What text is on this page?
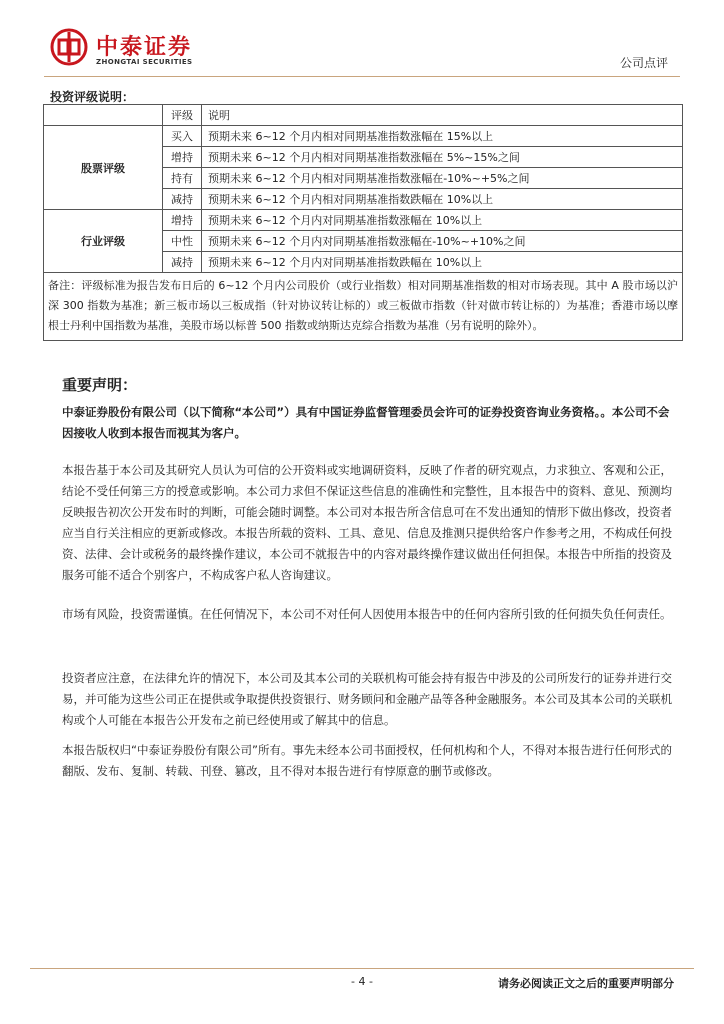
中泰证券
ZHONGTAI SECURITIES	公司点评
投资评级说明：
	评级	说明
股票评级	买入	预期未来 6~12 个月内相对同期基准指数涨幅在 15%以上
	增持	预期未来 6~12 个月内相对同期基准指数涨幅在 5%~15%之间
	持有	预期未来 6~12 个月内相对同期基准指数涨幅在-10%~+5%之间
	减持	预期未来 6~12 个月内相对同期基准指数跌幅在 10%以上
行业评级	增持	预期未来 6~12 个月内对同期基准指数涨幅在 10%以上
	中性	预期未来 6~12 个月内对同期基准指数涨幅在-10%~+10%之间
	减持	预期未来 6~12 个月内对同期基准指数跌幅在 10%以上
备注：评级标准为报告发布日后的 6~12 个月内公司股价（或行业指数）相对同期基准指数的相对市场表现。其中 A 股市场以沪深 300 指数为基准；新三板市场以三板成指（针对协议转让标的）或三板做市指数（针对做市转让标的）为基准；香港市场以摩根士丹利中国指数为基准，美股市场以标普 500 指数或纳斯达克综合指数为基准（另有说明的除外）。		
重要声明：
中泰证券股份有限公司（以下简称“本公司”）具有中国证券监督管理委员会许可的证券投资咨询业务资格。。本公司不会因接收人收到本报告而视其为客户。
本报告基于本公司及其研究人员认为可信的公开资料或实地调研资料，反映了作者的研究观点，力求独立、客观和公正，结论不受任何第三方的授意或影响。本公司力求但不保证这些信息的准确性和完整性，且本报告中的资料、意见、预测均反映报告初次公开发布时的判断，可能会随时调整。本公司对本报告所含信息可在不发出通知的情形下做出修改，投资者应当自行关注相应的更新或修改。本报告所载的资料、工具、意见、信息及推测只提供给客户作参考之用，不构成任何投资、法律、会计或税务的最终操作建议，本公司不就报告中的内容对最终操作建议做出任何担保。本报告中所指的投资及服务可能不适合个别客户，不构成客户私人咨询建议。
市场有风险，投资需谨慎。在任何情况下，本公司不对任何人因使用本报告中的任何内容所引致的任何损失负任何责任。
投资者应注意，在法律允许的情况下，本公司及其本公司的关联机构可能会持有报告中涉及的公司所发行的证券并进行交易，并可能为这些公司正在提供或争取提供投资银行、财务顾问和金融产品等各种金融服务。本公司及其本公司的关联机构或个人可能在本报告公开发布之前已经使用或了解其中的信息。
本报告版权归“中泰证券股份有限公司”所有。事先未经本公司书面授权，任何机构和个人，不得对本报告进行任何形式的翻版、发布、复制、转载、刊登、篡改，且不得对本报告进行有悖原意的删节或修改。
- 4 -	请务必阅读正文之后的重要声明部分
